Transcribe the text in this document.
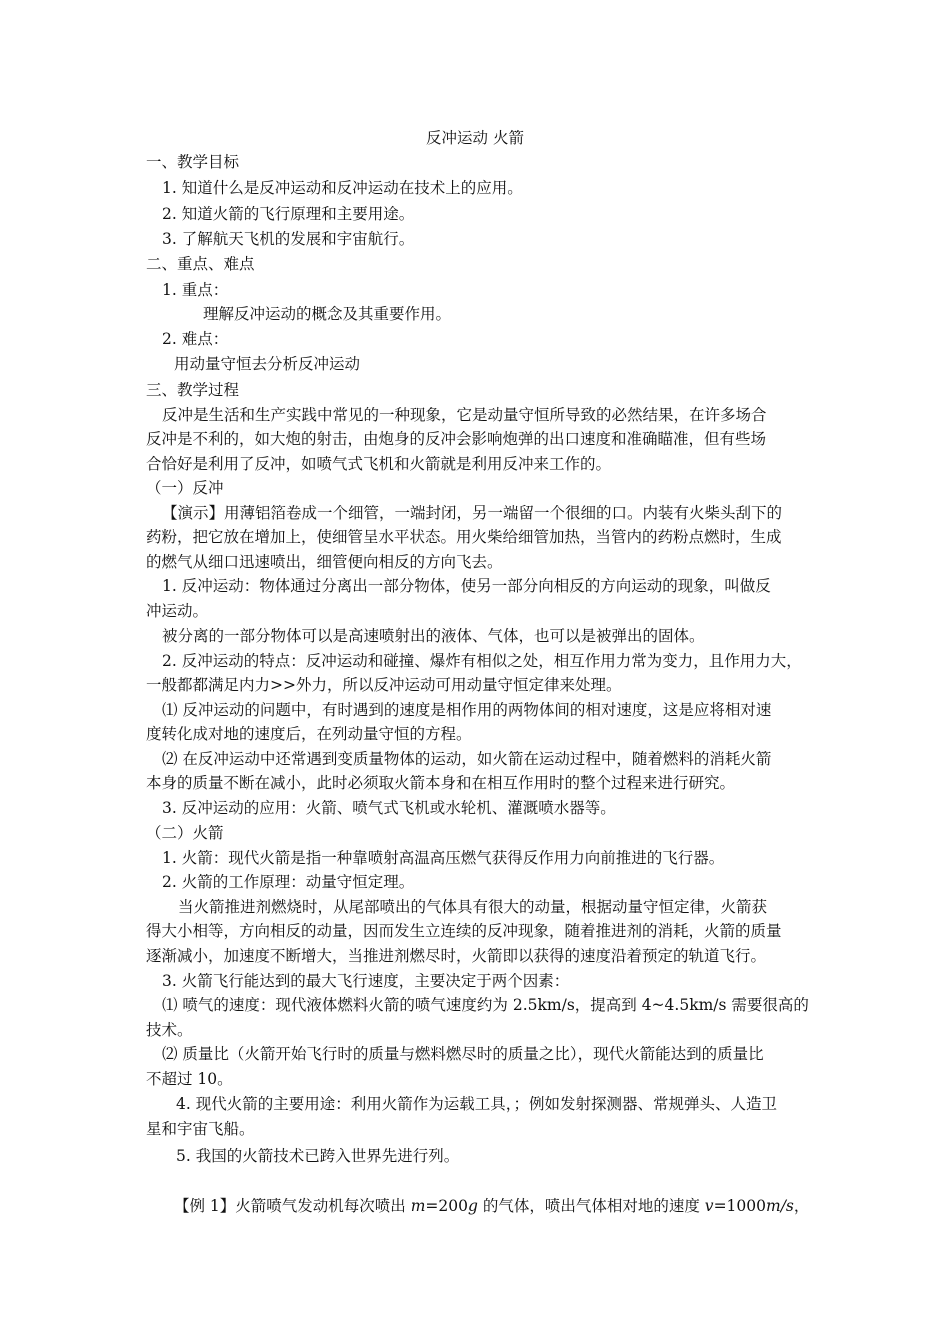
反冲运动 火箭
一、教学目标
1. 知道什么是反冲运动和反冲运动在技术上的应用。
2. 知道火箭的飞行原理和主要用途。
3. 了解航天飞机的发展和宇宙航行。
二、重点、难点
1. 重点：
理解反冲运动的概念及其重要作用。
2. 难点：
用动量守恒去分析反冲运动
三、教学过程
反冲是生活和生产实践中常见的一种现象，它是动量守恒所导致的必然结果，在许多场合
反冲是不利的，如大炮的射击，由炮身的反冲会影响炮弹的出口速度和准确瞄准，但有些场
合恰好是利用了反冲，如喷气式飞机和火箭就是利用反冲来工作的。
（一）反冲
【演示】用薄铝箔卷成一个细管，一端封闭，另一端留一个很细的口。内装有火柴头刮下的
药粉，把它放在增加上，使细管呈水平状态。用火柴给细管加热，当管内的药粉点燃时，生成
的燃气从细口迅速喷出，细管便向相反的方向飞去。
1. 反冲运动：物体通过分离出一部分物体，使另一部分向相反的方向运动的现象，叫做反
冲运动。
被分离的一部分物体可以是高速喷射出的液体、气体，也可以是被弹出的固体。
2. 反冲运动的特点：反冲运动和碰撞、爆炸有相似之处，相互作用力常为变力，且作用力大，
一般都都满足内力>>外力，所以反冲运动可用动量守恒定律来处理。
⑴ 反冲运动的问题中，有时遇到的速度是相作用的两物体间的相对速度，这是应将相对速
度转化成对地的速度后，在列动量守恒的方程。
⑵ 在反冲运动中还常遇到变质量物体的运动，如火箭在运动过程中，随着燃料的消耗火箭
本身的质量不断在减小，此时必须取火箭本身和在相互作用时的整个过程来进行研究。
3. 反冲运动的应用：火箭、喷气式飞机或水轮机、灌溉喷水器等。
（二）火箭
1. 火箭：现代火箭是指一种靠喷射高温高压燃气获得反作用力向前推进的飞行器。
2. 火箭的工作原理：动量守恒定理。
当火箭推进剂燃烧时，从尾部喷出的气体具有很大的动量，根据动量守恒定律，火箭获
得大小相等，方向相反的动量，因而发生立连续的反冲现象，随着推进剂的消耗，火箭的质量
逐渐减小，加速度不断增大，当推进剂燃尽时，火箭即以获得的速度沿着预定的轨道飞行。
3. 火箭飞行能达到的最大飞行速度，主要决定于两个因素：
⑴ 喷气的速度：现代液体燃料火箭的喷气速度约为 2.5km/s，提高到 4~4.5km/s 需要很高的
技术。
⑵ 质量比（火箭开始飞行时的质量与燃料燃尽时的质量之比），现代火箭能达到的质量比
不超过 10。
4. 现代火箭的主要用途：利用火箭作为运载工具，；例如发射探测器、常规弹头、人造卫
星和宇宙飞船。
5. 我国的火箭技术已跨入世界先进行列。
【例 1】火箭喷气发动机每次喷出 m=200g 的气体，喷出气体相对地的速度 v=1000m/s，
